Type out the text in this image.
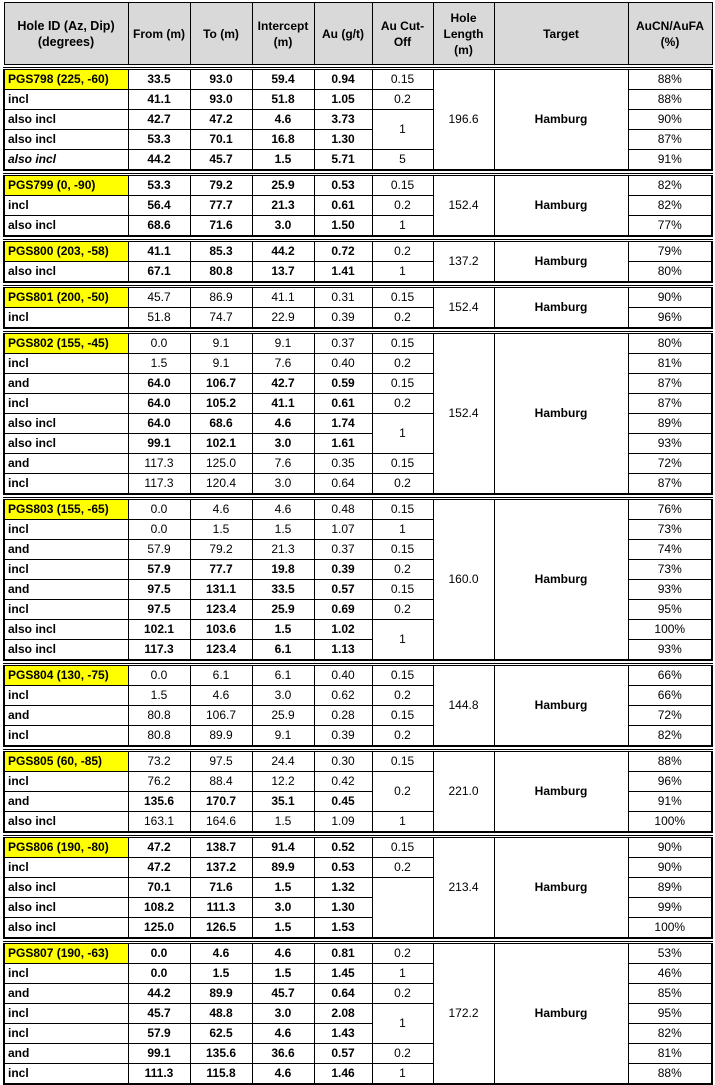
Hole ID (Az, Dip) (degrees)	From (m)	To (m)	Intercept (m)	Au (g/t)	Au Cut-Off	Hole Length (m)	Target	AuCN/AuFA (%)

PGS798 (225, -60)	33.5	93.0	59.4	0.94	0.15	196.6	Hamburg	88%
incl	41.1	93.0	51.8	1.05	0.2			88%
also incl	42.7	47.2	4.6	3.73	1			90%
also incl	53.3	70.1	16.8	1.30				87%
also incl	44.2	45.7	1.5	5.71	5			91%

PGS799 (0, -90)	53.3	79.2	25.9	0.53	0.15	152.4	Hamburg	82%
incl	56.4	77.7	21.3	0.61	0.2			82%
also incl	68.6	71.6	3.0	1.50	1			77%

PGS800 (203, -58)	41.1	85.3	44.2	0.72	0.2	137.2	Hamburg	79%
also incl	67.1	80.8	13.7	1.41	1			80%

PGS801 (200, -50)	45.7	86.9	41.1	0.31	0.15	152.4	Hamburg	90%
incl	51.8	74.7	22.9	0.39	0.2			96%

PGS802 (155, -45)	0.0	9.1	9.1	0.37	0.15	152.4	Hamburg	80%
incl	1.5	9.1	7.6	0.40	0.2			81%
and	64.0	106.7	42.7	0.59	0.15			87%
incl	64.0	105.2	41.1	0.61	0.2			87%
also incl	64.0	68.6	4.6	1.74	1			89%
also incl	99.1	102.1	3.0	1.61				93%
and	117.3	125.0	7.6	0.35	0.15			72%
incl	117.3	120.4	3.0	0.64	0.2			87%

PGS803 (155, -65)	0.0	4.6	4.6	0.48	0.15	160.0	Hamburg	76%
incl	0.0	1.5	1.5	1.07	1			73%
and	57.9	79.2	21.3	0.37	0.15			74%
incl	57.9	77.7	19.8	0.39	0.2			73%
and	97.5	131.1	33.5	0.57	0.15			93%
incl	97.5	123.4	25.9	0.69	0.2			95%
also incl	102.1	103.6	1.5	1.02	1			100%
also incl	117.3	123.4	6.1	1.13				93%

PGS804 (130, -75)	0.0	6.1	6.1	0.40	0.15	144.8	Hamburg	66%
incl	1.5	4.6	3.0	0.62	0.2			66%
and	80.8	106.7	25.9	0.28	0.15			72%
incl	80.8	89.9	9.1	0.39	0.2			82%

PGS805 (60, -85)	73.2	97.5	24.4	0.30	0.15	221.0	Hamburg	88%
incl	76.2	88.4	12.2	0.42	0.2			96%
and	135.6	170.7	35.1	0.45				91%
also incl	163.1	164.6	1.5	1.09	1			100%

PGS806 (190, -80)	47.2	138.7	91.4	0.52	0.15	213.4	Hamburg	90%
incl	47.2	137.2	89.9	0.53	0.2			90%
also incl	70.1	71.6	1.5	1.32				89%
also incl	108.2	111.3	3.0	1.30				99%
also incl	125.0	126.5	1.5	1.53				100%

PGS807 (190, -63)	0.0	4.6	4.6	0.81	0.2	172.2	Hamburg	53%
incl	0.0	1.5	1.5	1.45	1			46%
and	44.2	89.9	45.7	0.64	0.2			85%
incl	45.7	48.8	3.0	2.08	1			95%
incl	57.9	62.5	4.6	1.43				82%
and	99.1	135.6	36.6	0.57	0.2			81%
incl	111.3	115.8	4.6	1.46	1			88%
